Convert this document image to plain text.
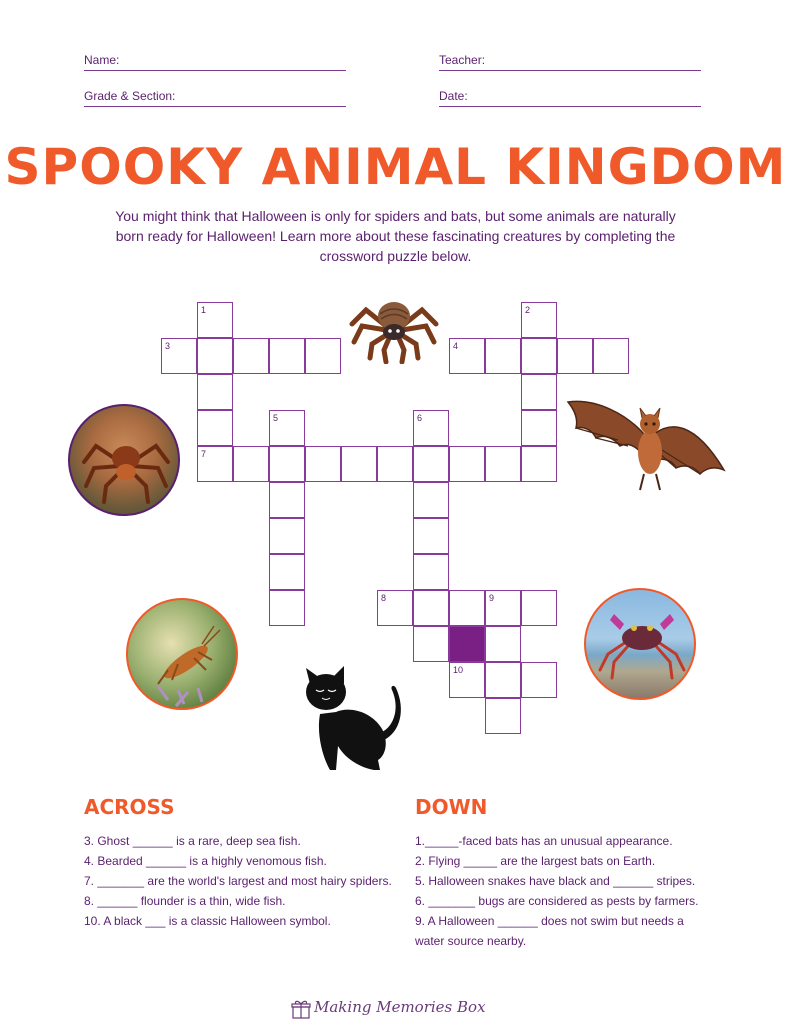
Name:	Teacher:
Grade & Section:	Date:
SPOOKY ANIMAL KINGDOM
You might think that Halloween is only for spiders and bats, but some animals are naturally born ready for Halloween! Learn more about these fascinating creatures by completing the crossword puzzle below.
1	2
3	4
5	6
7
8	9
10
ACROSS	DOWN
3. Ghost ______ is a rare, deep sea fish.
4. Bearded ______ is a highly venomous fish.
7. _______ are the world's largest and most hairy spiders.
8. ______ flounder is a thin, wide fish.
10. A black ___ is a classic Halloween symbol.
1._____-faced bats has an unusual appearance.
2. Flying _____ are the largest bats on Earth.
5. Halloween snakes have black and ______ stripes.
6. _______ bugs are considered as pests by farmers.
9. A Halloween ______ does not swim but needs a water source nearby.
Making Memories Box
